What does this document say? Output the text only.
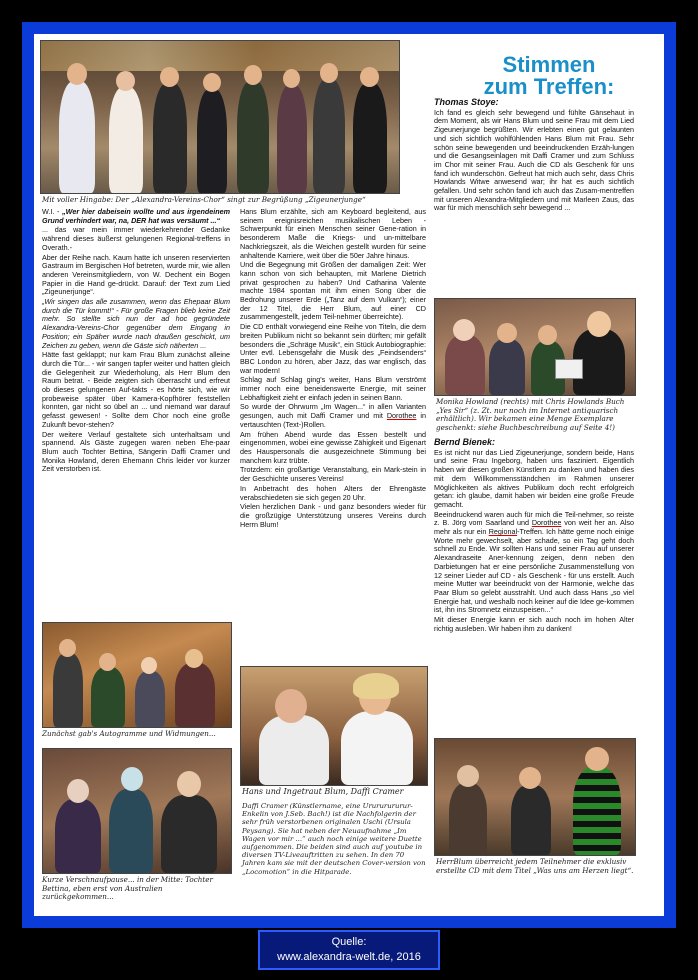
Mit voller Hingabe: Der „Alexandra-Vereins-Chor“ singt zur Begrüßung „Zigeunerjunge“
Stimmen
zum Treffen:

W.I. - „Wer hier dabeisein wollte und aus irgendeinem Grund verhindert war, na, DER hat was versäumt ...“

... das war mein immer wiederkehrender Gedanke während dieses äußerst gelungenen Regional-treffens in Overath.-

Aber der Reihe nach. Kaum hatte ich unseren reservierten Gastraum im Bergischen Hof betreten, wurde mir, wie allen anderen Vereinsmitgliedern, von W. Dechent ein Bogen Papier in die Hand ge-drückt. Darauf: der Text zum Lied „Zigeunerjunge“.

„Wir singen das alle zusammen, wenn das Ehepaar Blum durch die Tür kommt!“ - Für große Fragen blieb keine Zeit mehr. So stellte sich nun der ad hoc gegründete Alexandra-Vereins-Chor gegenüber dem Eingang in Position; ein Späher wurde nach draußen geschickt, um Zeichen zu geben, wenn die Gäste sich näherten ...

Hätte fast geklappt; nur kam Frau Blum zunächst alleine durch die Tür... - wir sangen tapfer weiter und hatten gleich die Gelegenheit zur Wiederholung, als Herr Blum den Raum betrat. - Beide zeigten sich überrascht und erfreut ob dieses gelungenen Auf-takts - es hörte sich, wie wir probeweise später über Kamera-Kopfhörer feststellen konnten, gar nicht so übel an ... und niemand war darauf gefasst gewesen! - Sollte dem Chor noch eine große Zukunft bevor-stehen?

Der weitere Verlauf gestaltete sich unterhaltsam und spannend. Als Gäste zugegen waren neben Ehe-paar Blum auch Tochter Bettina, Sängerin Daffi Cramer und Monika Howland, deren Ehemann Chris leider vor kurzer Zeit verstorben ist.

Zunächst gab's Autogramme und Widmungen...
Kurze Verschnaufpause... in der Mitte: Tochter Bettina, eben erst von Australien zurückgekommen...

Hans Blum erzählte, sich am Keyboard begleitend, aus seinem ereignisreichen musikalischen Leben - Schwerpunkt für einen Menschen seiner Gene-ration in besonderem Maße die Kriegs- und un-mittelbare Nachkriegszeit, als die Weichen gestellt wurden für seine anhaltende Karriere, weit über die 50er Jahre hinaus.

Und die Begegnung mit Größen der damaligen Zeit: Wer kann schon von sich behaupten, mit Marlene Dietrich privat gesprochen zu haben? Und Catharina Valente machte 1984 spontan mit ihm einen Song über die Bedrohung unserer Erde („Tanz auf dem Vulkan“); einer der 12 Titel, die Herr Blum, auf einer CD zusammengestellt, jedem Teil-nehmer überreichte).

Die CD enthält vorwiegend eine Reihe von Titeln, die dem breiten Publikum nicht so bekannt sein dürften; mir gefällt besonders die „Schräge Musik“, ein Stück Autobiographie: Unter evtl. Lebensgefahr die Musik des „Feindsenders“ BBC London zu hören, aber Jazz, das war englisch, das war modern!

Schlag auf Schlag ging's weiter, Hans Blum verströmt immer noch eine beneidenswerte Energie, mit seiner Lebhaftigkeit zieht er einfach jeden in seinen Bann.

So wurde der Ohrwurm „Im Wagen...“ in allen Varianten gesungen, auch mit Daffi Cramer und mit Dorothee in vertauschten (Text-)Rollen.

Am frühen Abend wurde das Essen bestellt und eingenommen, wobei eine gewisse Zähigkeit und Eigenart des Hauspersonals die ausgezeichnete Stimmung bei manchem kurz trübte.

Trotzdem: ein großartige Veranstaltung, ein Mark-stein in der Geschichte unseres Vereins!

In Anbetracht des hohen Alters der Ehrengäste verabschiedeten sie sich gegen 20 Uhr.

Vielen herzlichen Dank - und ganz besonders wieder für die großzügige Unterstützung unseres Vereins durch Herrn Blum!

Hans und Ingetraut Blum, Daffi Cramer
Daffi Cramer (Künstlername, eine Urururururur-Enkelin von J.Seb. Bach!) ist die Nachfolgerin der sehr früh verstorbenen originalen Uschi (Ursula Peysang). Sie hat neben der Neuaufnahme „Im Wagen vor mir ...“ auch noch einige weitere Duette aufgenommen. Die beiden sind auch auf youtube in diversen TV-Liveauftritten zu sehen. In den 70 Jahren kam sie mit der deutschen Cover-version von „Locomotion“ in die Hitparade.
Thomas Stoye:

Ich fand es gleich sehr bewegend und fühlte Gänsehaut in dem Moment, als wir Hans Blum und seine Frau mit dem Lied Zigeunerjunge begrüßten. Wir erlebten einen gut gelaunten und sich sichtlich wohlfühlenden Hans Blum mit Frau. Sehr schön seine bewegenden und beeindruckenden Erzäh-lungen und die Gesangseinlagen mit Daffi Cramer und zum Schluss im Chor mit seiner Frau. Auch die CD als Geschenk für uns fand ich wunderschön. Gefreut hat mich auch sehr, dass Chris Howlands Witwe anwesend war; ihr hat es auch sichtlich gefallen. Und sehr schön fand ich auch das Zusam-mentreffen mit unseren Alexandra-Mitgliedern und mit Marleen Zaus, das war für mich menschlich sehr bewegend ...

Monika Howland (rechts) mit Chris Howlands Buch „Yes Sir“ (z. Zt. nur noch im Internet antiquarisch erhältlich). Wir bekamen eine Menge Exemplare geschenkt: siehe Buchbeschreibung auf Seite 4!)
Bernd Bienek:

Es ist nicht nur das Lied Zigeunerjunge, sondern beide, Hans und seine Frau Ingeborg, haben uns fasziniert. Eigentlich haben wir diesen großen Künstlern zu danken und haben dies mit dem Willkommensständchen im Rahmen unserer Möglichkeiten als aktives Publikum doch recht erfolgreich getan: ich glaube, damit haben wir beiden eine große Freude gemacht.

Beeindruckend waren auch für mich die Teil-nehmer, so reiste z. B. Jörg vom Saarland und Dorothee von weit her an. Also mehr als nur ein Regional-Treffen. Ich hätte gerne noch einige Worte mehr gewechselt, aber schade, so ein Tag geht doch schnell zu Ende. Wir sollten Hans und seiner Frau auf unserer Alexandraseite Aner-kennung zeigen, denn neben den Darbietungen hat er eine persönliche Zusammenstellung von 12 seiner Lieder auf CD - als Geschenk - für uns erstellt. Auch meine Mutter war beeindruckt von der Harmonie, welche das Paar Blum so gelebt ausstrahlt. Und auch dass Hans „so viel Energie hat, und weshalb noch keiner auf die Idee ge-kommen ist, ihn ins Stromnetz einzuspeisen...“

Mit dieser Energie kann er sich auch noch im hohen Alter richtig ausleben. Wir haben ihm zu danken!

HerrBlum überreicht jedem Teilnehmer die exklusiv erstellte CD mit dem Titel „Was uns am Herzen liegt“.
Quelle:
www.alexandra-welt.de, 2016
